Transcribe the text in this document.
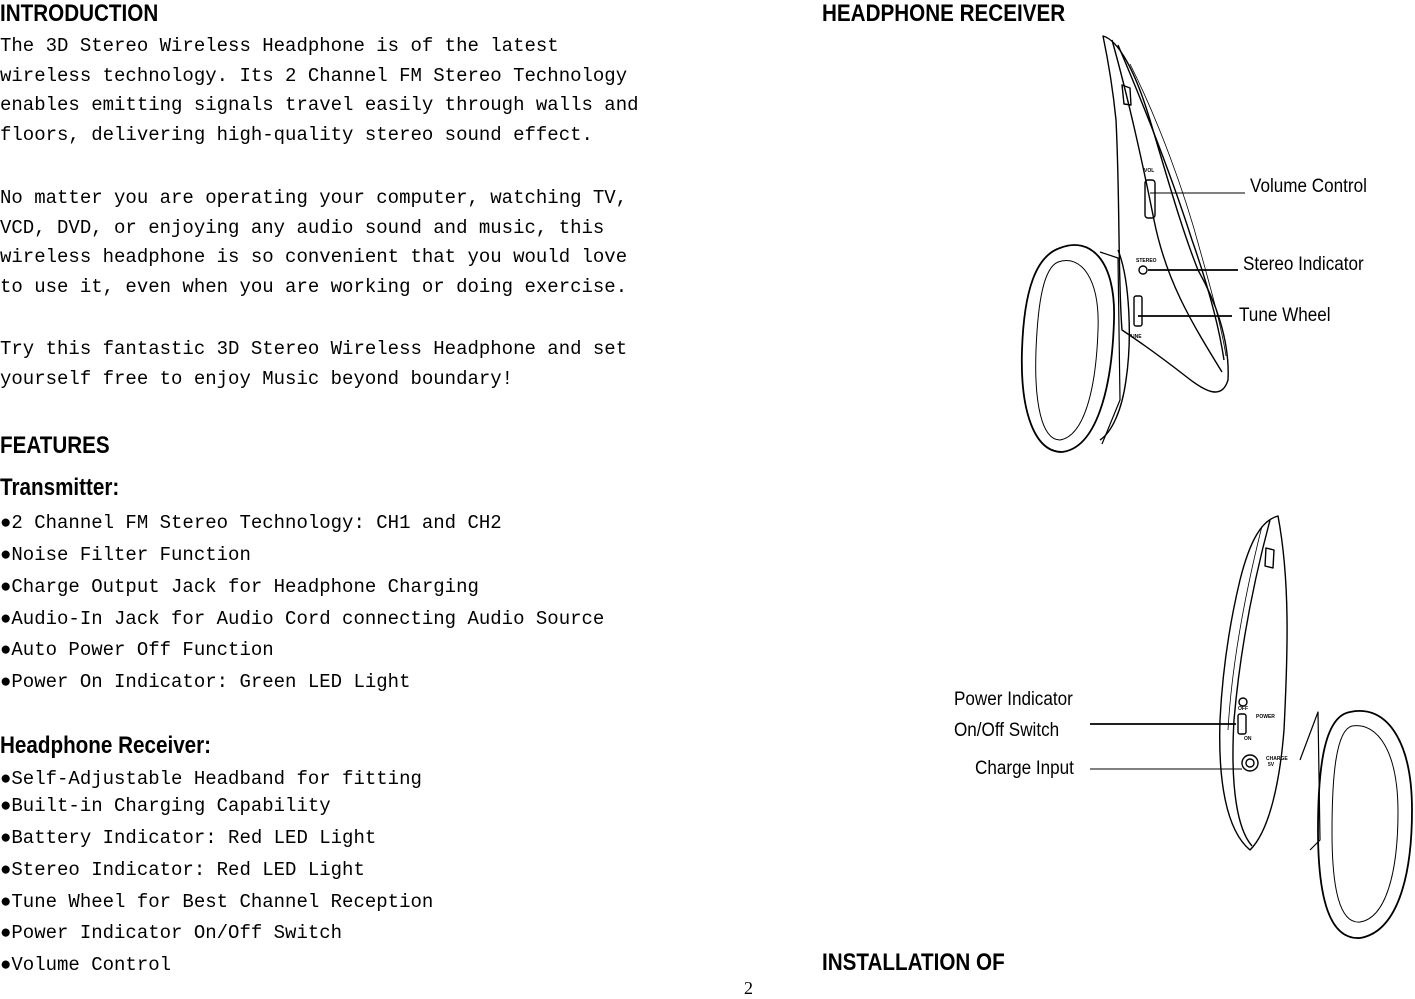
INTRODUCTION
The 3D Stereo Wireless Headphone is of the latest
wireless technology. Its 2 Channel FM Stereo Technology
enables emitting signals travel easily through walls and
floors, delivering high-quality stereo sound effect.
No matter you are operating your computer, watching TV,
VCD, DVD, or enjoying any audio sound and music, this
wireless headphone is so convenient that you would love
to use it, even when you are working or doing exercise.
Try this fantastic 3D Stereo Wireless Headphone and set
yourself free to enjoy Music beyond boundary!
FEATURES
Transmitter:
●2 Channel FM Stereo Technology: CH1 and CH2
●Noise Filter Function
●Charge Output Jack for Headphone Charging
●Audio-In Jack for Audio Cord connecting Audio Source
●Auto Power Off Function
●Power On Indicator: Green LED Light
Headphone Receiver:
●Self-Adjustable Headband for fitting
●Built-in Charging Capability
●Battery Indicator: Red LED Light
●Stereo Indicator: Red LED Light
●Tune Wheel for Best Channel Reception
●Power Indicator On/Off Switch
●Volume Control
HEADPHONE RECEIVER
VOL
STEREO
TUNE
OFF
ON
POWER
CHARGE
5V
Volume Control
Stereo Indicator
Tune Wheel
Power Indicator
On/Off Switch
Charge Input
INSTALLATION OF
2
